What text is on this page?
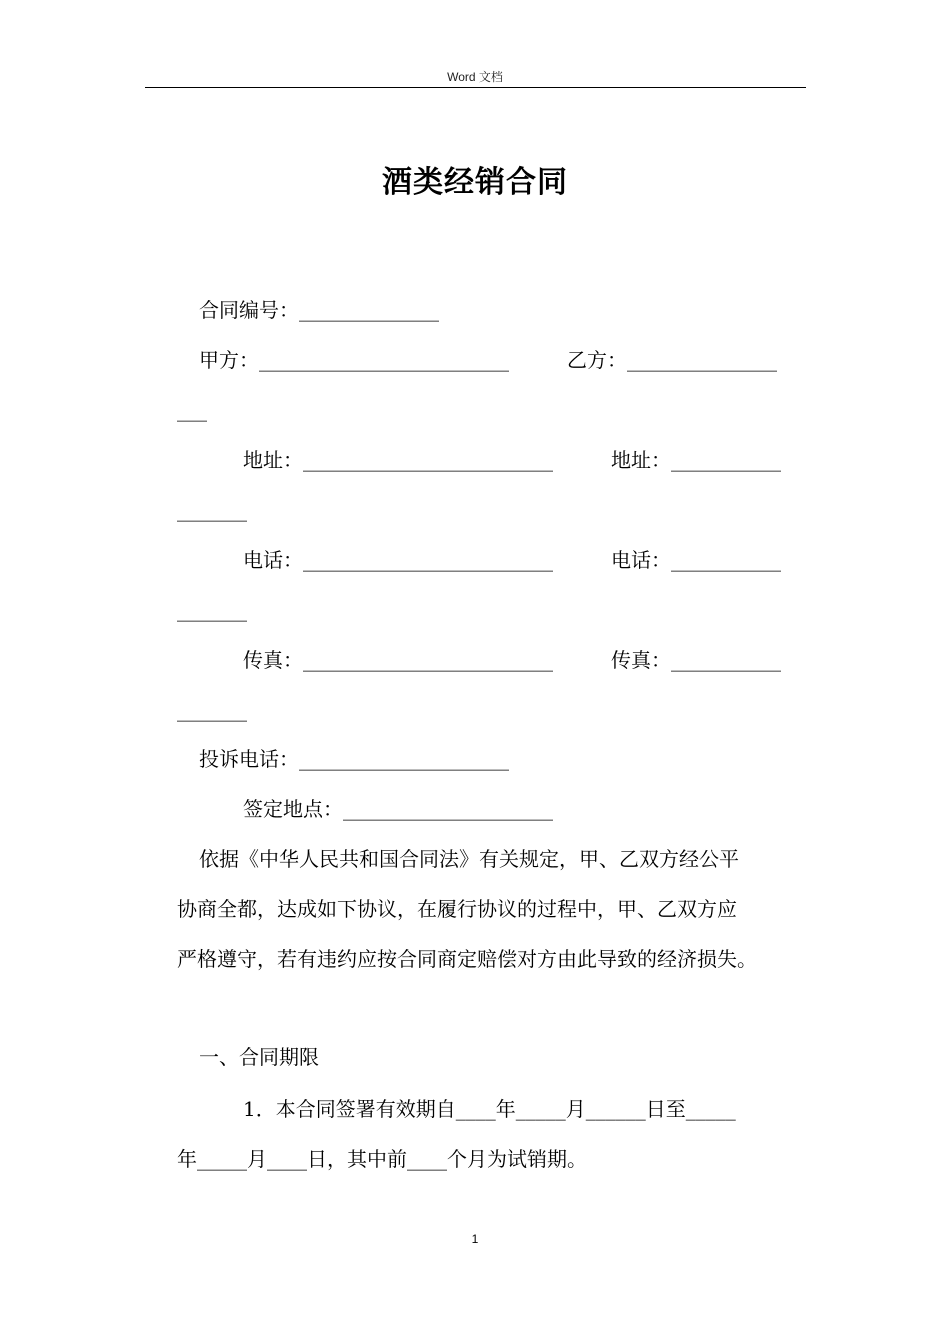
Word 文档
酒类经销合同
合同编号：______________
甲方：_________________________	乙方：_______________
___
地址：_________________________	地址：___________
_______
电话：_________________________	电话：___________
_______
传真：_________________________	传真：___________
_______
投诉电话：_____________________
签定地点：_____________________
依据《中华人民共和国合同法》有关规定，甲、乙双方经公平
协商全都，达成如下协议，在履行协议的过程中，甲、乙双方应
严格遵守，若有违约应按合同商定赔偿对方由此导致的经济损失。
一、合同期限
1．本合同签署有效期自____年_____月______日至_____
年_____月____日，其中前____个月为试销期。
1
